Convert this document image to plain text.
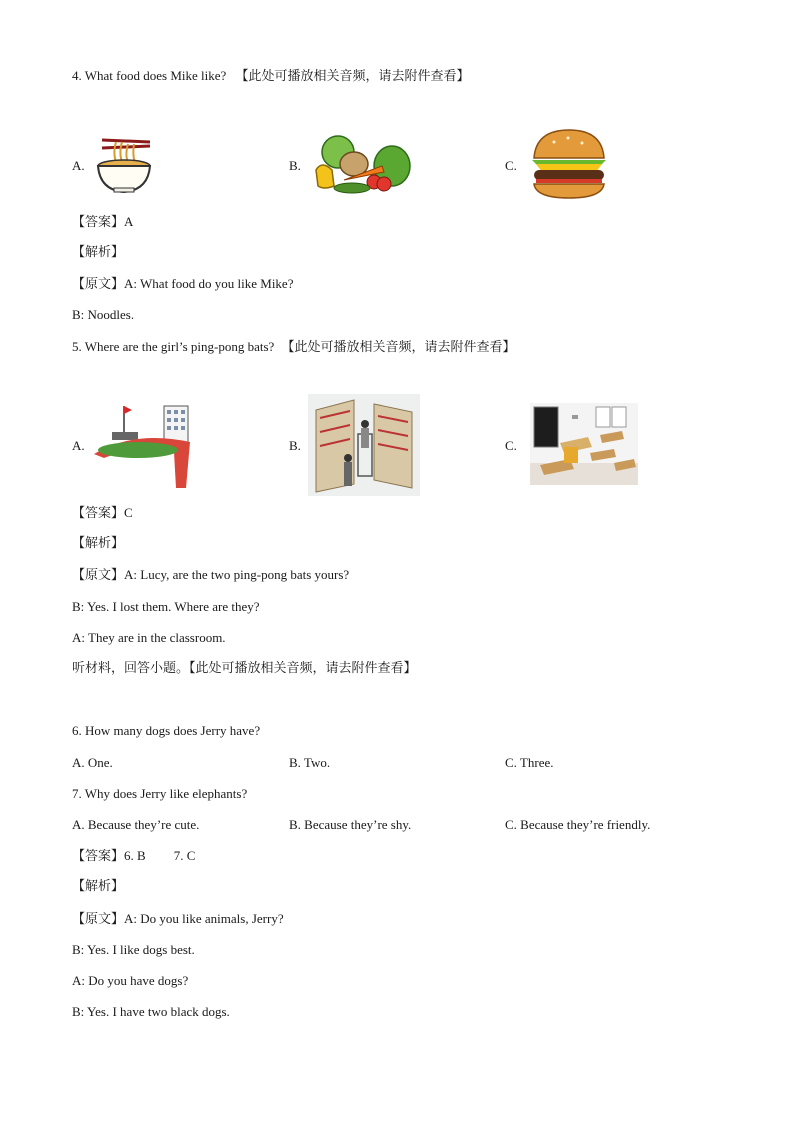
4. What food does Mike like? 【此处可播放相关音频，请去附件查看】
A.	B.	C.
【答案】A
【解析】
【原文】A: What food do you like Mike?
B: Noodles.
5. Where are the girl’s ping-pong bats? 【此处可播放相关音频，请去附件查看】
A.	B.	C.
【答案】C
【解析】
【原文】A: Lucy, are the two ping-pong bats yours?
B: Yes. I lost them. Where are they?
A: They are in the classroom.
听材料，回答小题。【此处可播放相关音频，请去附件查看】
6. How many dogs does Jerry have?
A. One.	B. Two.	C. Three.
7. Why does Jerry like elephants?
A. Because they’re cute.	B. Because they’re shy.	C. Because they’re friendly.
【答案】6. B 7. C
【解析】
【原文】A: Do you like animals, Jerry?
B: Yes. I like dogs best.
A: Do you have dogs?
B: Yes. I have two black dogs.
